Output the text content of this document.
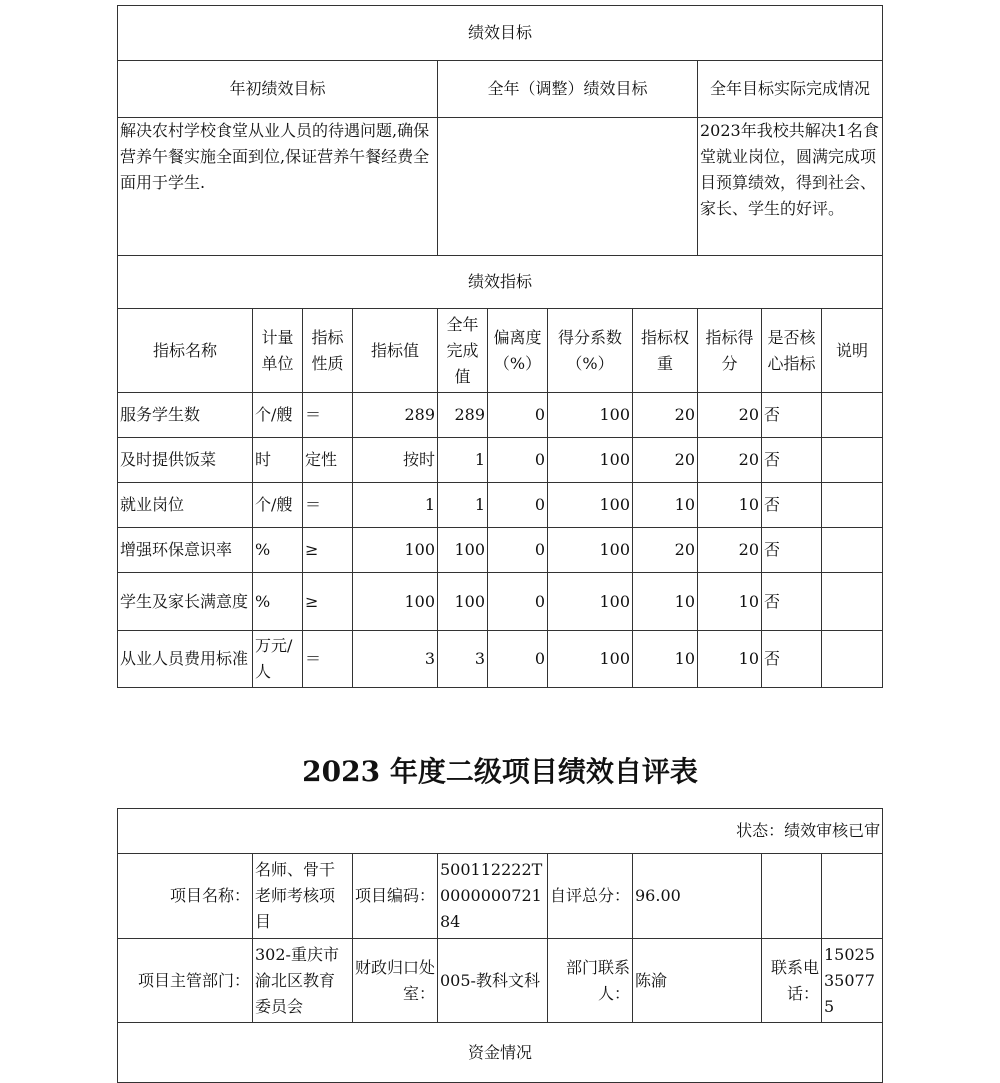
绩效目标										
年初绩效目标				全年（调整）绩效目标				全年目标实际完成情况		
解决农村学校食堂从业人员的待遇问题,确保营养午餐实施全面到位,保证营养午餐经费全面用于学生.								2023年我校共解决1名食堂就业岗位，圆满完成项目预算绩效，得到社会、家长、学生的好评。		
绩效指标										
指标名称	计量单位	指标性质	指标值	全年完成值	偏离度（%）	得分系数（%）	指标权重	指标得分	是否核心指标	说明
服务学生数	个/艘	＝	289	289	0	100	20	20	否	
及时提供饭菜	时	定性	按时	1	0	100	20	20	否	
就业岗位	个/艘	＝	1	1	0	100	10	10	否	
增强环保意识率	%	≥	100	100	0	100	20	20	否	
学生及家长满意度	%	≥	100	100	0	100	10	10	否	
从业人员费用标准	万元/人	＝	3	3	0	100	10	10	否	
2023 年度二级项目绩效自评表
状态：绩效审核已审							
项目名称：	名师、骨干老师考核项目	项目编码：	500112222T000000072184	自评总分：	96.00		
项目主管部门：	302-重庆市渝北区教育委员会	财政归口处室：	005-教科文科	部门联系人：	陈渝	联系电话：	15025350775
资金情况							
